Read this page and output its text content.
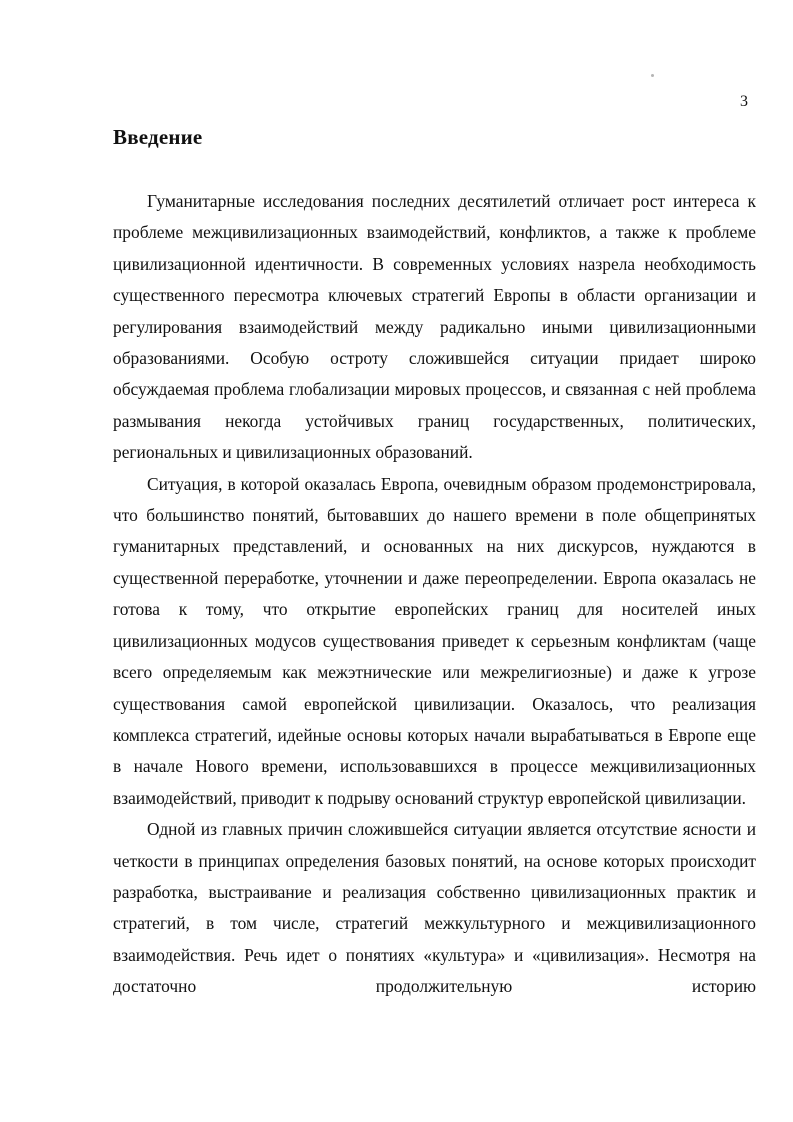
3
Введение

Гуманитарные исследования последних десятилетий отличает рост интереса к проблеме межцивилизационных взаимодействий, конфликтов, а также к проблеме цивилизационной идентичности. В современных условиях назрела необходимость существенного пересмотра ключевых стратегий Европы в области организации и регулирования взаимодействий между радикально иными цивилизационными образованиями. Особую остроту сложившейся ситуации придает широко обсуждаемая проблема глобализации мировых процессов, и связанная с ней проблема размывания некогда устойчивых границ государственных, политических, региональных и цивилизационных образований.

Ситуация, в которой оказалась Европа, очевидным образом продемонстрировала, что большинство понятий, бытовавших до нашего времени в поле общепринятых гуманитарных представлений, и основанных на них дискурсов, нуждаются в существенной переработке, уточнении и даже переопределении. Европа оказалась не готова к тому, что открытие европейских границ для носителей иных цивилизационных модусов существования приведет к серьезным конфликтам (чаще всего определяемым как межэтнические или межрелигиозные) и даже к угрозе существования самой европейской цивилизации. Оказалось, что реализация комплекса стратегий, идейные основы которых начали вырабатываться в Европе еще в начале Нового времени, использовавшихся в процессе межцивилизационных взаимодействий, приводит к подрыву оснований структур европейской цивилизации.

Одной из главных причин сложившейся ситуации является отсутствие ясности и четкости в принципах определения базовых понятий, на основе которых происходит разработка, выстраивание и реализация собственно цивилизационных практик и стратегий, в том числе, стратегий межкультурного и межцивилизационного взаимодействия. Речь идет о понятиях «культура» и «цивилизация». Несмотря на достаточно продолжительную историю
